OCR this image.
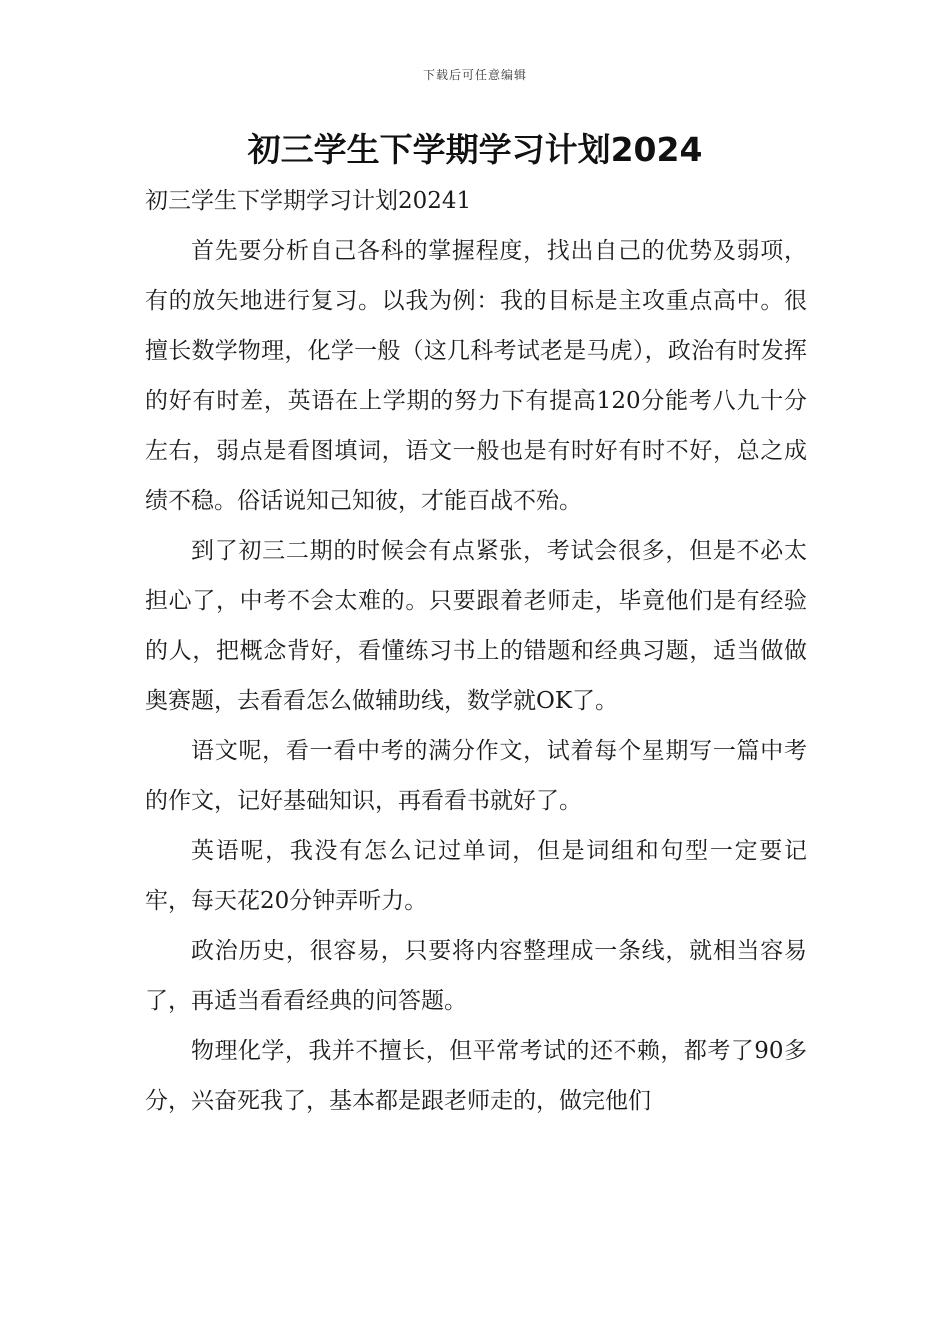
下载后可任意编辑
初三学生下学期学习计划2024

初三学生下学期学习计划20241

首先要分析自己各科的掌握程度，找出自己的优势及弱项，有的放矢地进行复习。以我为例：我的目标是主攻重点高中。很擅长数学物理，化学一般（这几科考试老是马虎），政治有时发挥的好有时差，英语在上学期的努力下有提高120分能考八九十分左右，弱点是看图填词，语文一般也是有时好有时不好，总之成绩不稳。俗话说知己知彼，才能百战不殆。

到了初三二期的时候会有点紧张，考试会很多，但是不必太担心了，中考不会太难的。只要跟着老师走，毕竟他们是有经验的人，把概念背好，看懂练习书上的错题和经典习题，适当做做奥赛题，去看看怎么做辅助线，数学就OK了。

语文呢，看一看中考的满分作文，试着每个星期写一篇中考的作文，记好基础知识，再看看书就好了。

英语呢，我没有怎么记过单词，但是词组和句型一定要记牢，每天花20分钟弄听力。

政治历史，很容易，只要将内容整理成一条线，就相当容易了，再适当看看经典的问答题。

物理化学，我并不擅长，但平常考试的还不赖，都考了90多分，兴奋死我了，基本都是跟老师走的，做完他们
